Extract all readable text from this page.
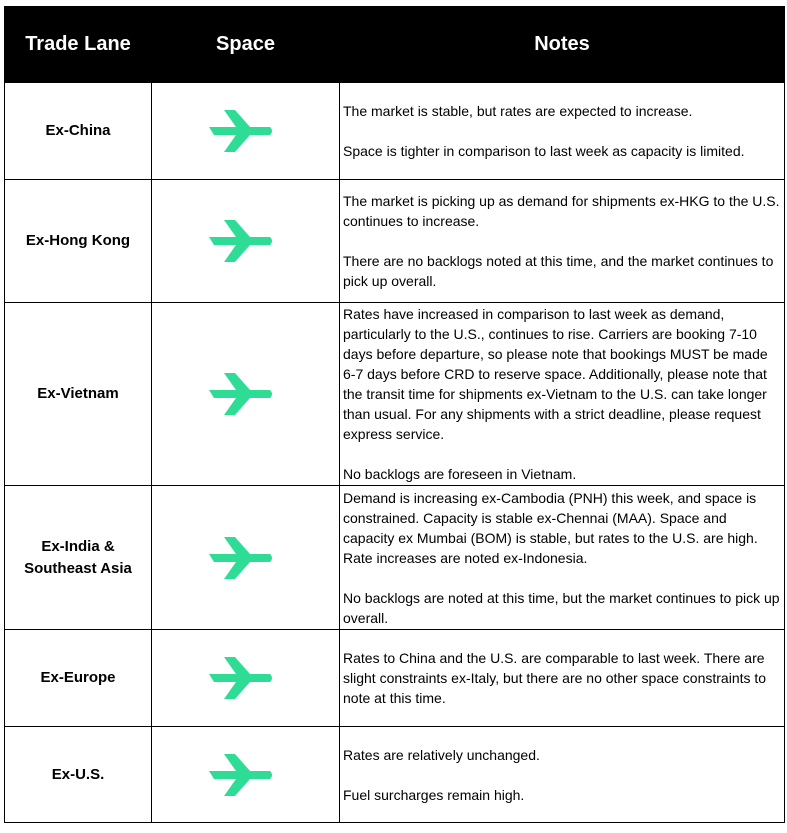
Trade Lane	Space	Notes
Ex-China		The market is stable, but rates are expected to increase.

Space is tighter in comparison to last week as capacity is limited.

Ex-Hong Kong		The market is picking up as demand for shipments ex-HKG to the U.S. continues to increase.

There are no backlogs noted at this time, and the market continues to pick up overall.

Ex-Vietnam		Rates have increased in comparison to last week as demand, particularly to the U.S., continues to rise. Carriers are booking 7-10 days before departure, so please note that bookings MUST be made 6-7 days before CRD to reserve space. Additionally, please note that the transit time for shipments ex-Vietnam to the U.S. can take longer than usual. For any shipments with a strict deadline, please request express service.

No backlogs are foreseen in Vietnam.

Ex-India & Southeast Asia		Demand is increasing ex-Cambodia (PNH) this week, and space is constrained. Capacity is stable ex-Chennai (MAA). Space and capacity ex Mumbai (BOM) is stable, but rates to the U.S. are high. Rate increases are noted ex-Indonesia.

No backlogs are noted at this time, but the market continues to pick up overall.

Ex-Europe		Rates to China and the U.S. are comparable to last week. There are slight constraints ex-Italy, but there are no other space constraints to note at this time.

Ex-U.S.		Rates are relatively unchanged.

Fuel surcharges remain high.
